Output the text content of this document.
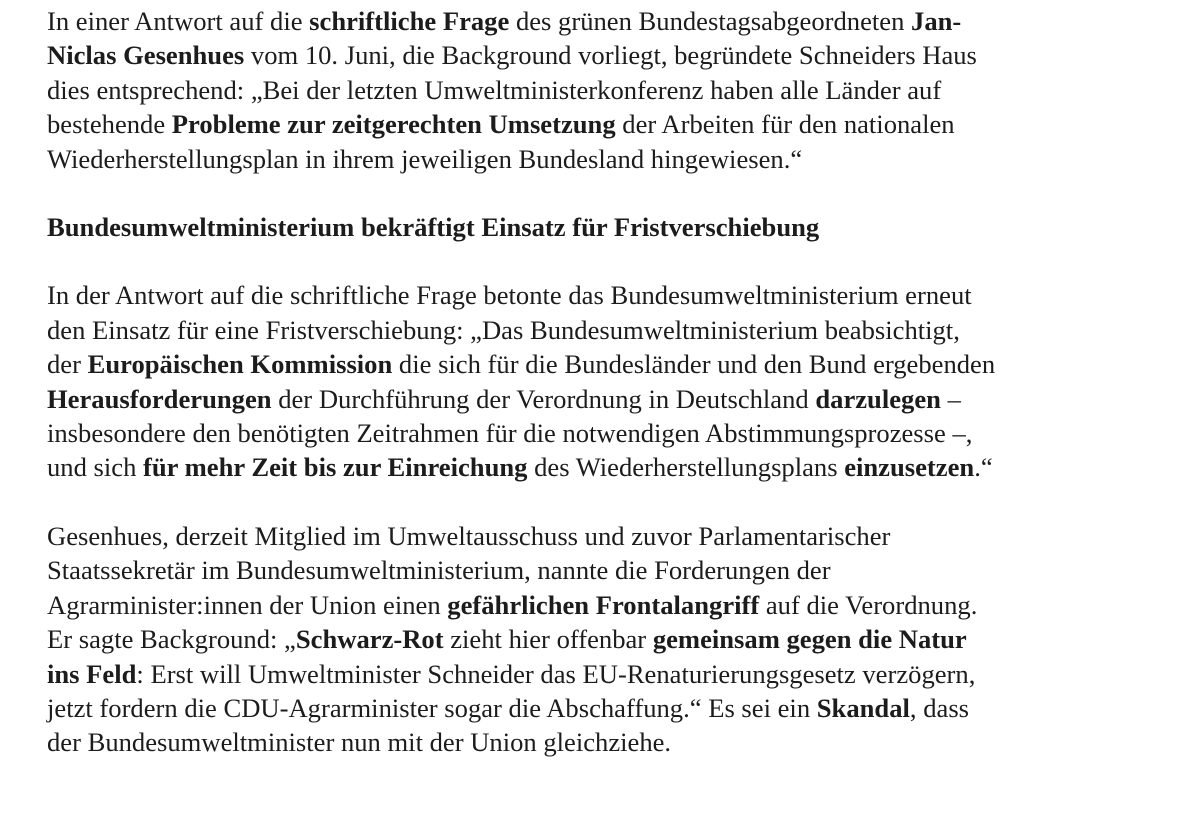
In einer Antwort auf die schriftliche Frage des grünen Bundestagsabgeordneten Jan-
Niclas Gesenhues vom 10. Juni, die Background vorliegt, begründete Schneiders Haus
dies entsprechend: „Bei der letzten Umweltministerkonferenz haben alle Länder auf
bestehende Probleme zur zeitgerechten Umsetzung der Arbeiten für den nationalen
Wiederherstellungsplan in ihrem jeweiligen Bundesland hingewiesen.“

Bundesumweltministerium bekräftigt Einsatz für Fristverschiebung

In der Antwort auf die schriftliche Frage betonte das Bundesumweltministerium erneut
den Einsatz für eine Fristverschiebung: „Das Bundesumweltministerium beabsichtigt,
der Europäischen Kommission die sich für die Bundesländer und den Bund ergebenden
Herausforderungen der Durchführung der Verordnung in Deutschland darzulegen –
insbesondere den benötigten Zeitrahmen für die notwendigen Abstimmungsprozesse –,
und sich für mehr Zeit bis zur Einreichung des Wiederherstellungsplans einzusetzen.“

Gesenhues, derzeit Mitglied im Umweltausschuss und zuvor Parlamentarischer
Staatssekretär im Bundesumweltministerium, nannte die Forderungen der
Agrarminister:innen der Union einen gefährlichen Frontalangriff auf die Verordnung.
Er sagte Background: „Schwarz-Rot zieht hier offenbar gemeinsam gegen die Natur
ins Feld: Erst will Umweltminister Schneider das EU-Renaturierungsgesetz verzögern,
jetzt fordern die CDU-Agrarminister sogar die Abschaffung.“ Es sei ein Skandal, dass
der Bundesumweltminister nun mit der Union gleichziehe.
